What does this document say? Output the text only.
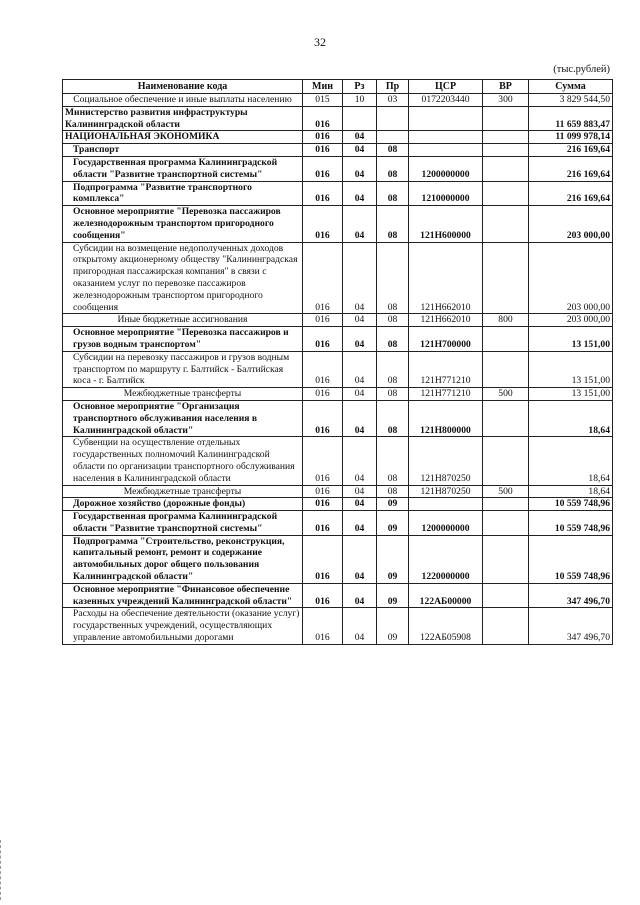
32
(тыс.рублей)
Наименование кода	Мин	Рз	Пр	ЦСР	ВР	Сумма
Социальное обеспечение и иные выплаты населению	015	10	03	0172203440	300	3 829 544,50
Министерство развития инфраструктуры Калининградской области	016					11 659 883,47
НАЦИОНАЛЬНАЯ ЭКОНОМИКА	016	04				11 099 978,14
Транспорт	016	04	08			216 169,64
Государственная программа Калининградской области "Развитие транспортной системы"	016	04	08	1200000000		216 169,64
Подпрограмма "Развитие транспортного комплекса"	016	04	08	1210000000		216 169,64
Основное мероприятие "Перевозка пассажиров железнодорожным транспортом пригородного сообщения"	016	04	08	121Н600000		203 000,00
Субсидии на возмещение недополученных доходов открытому акционерному обществу "Калининградская пригородная пассажирская компания" в связи с оказанием услуг по перевозке пассажиров железнодорожным транспортом пригородного сообщения	016	04	08	121Н662010		203 000,00
Иные бюджетные ассигнования	016	04	08	121Н662010	800	203 000,00
Основное мероприятие "Перевозка пассажиров и грузов водным транспортом"	016	04	08	121Н700000		13 151,00
Субсидии на перевозку пассажиров и грузов водным транспортом по маршруту г. Балтийск - Балтийская коса - г. Балтийск	016	04	08	121Н771210		13 151,00
Межбюджетные трансферты	016	04	08	121Н771210	500	13 151,00
Основное мероприятие "Организация транспортного обслуживания населения в Калининградской области"	016	04	08	121Н800000		18,64
Субвенции на осуществление отдельных государственных полномочий Калининградской области по организации транспортного обслуживания населения в Калининградской области	016	04	08	121Н870250		18,64
Межбюджетные трансферты	016	04	08	121Н870250	500	18,64
Дорожное хозяйство (дорожные фонды)	016	04	09			10 559 748,96
Государственная программа Калининградской области "Развитие транспортной системы"	016	04	09	1200000000		10 559 748,96
Подпрограмма "Строительство, реконструкция, капитальный ремонт, ремонт и содержание автомобильных дорог общего пользования Калининградской области"	016	04	09	1220000000		10 559 748,96
Основное мероприятие "Финансовое обеспечение казенных учреждений Калининградской области"	016	04	09	122АБ00000		347 496,70
Расходы на обеспечение деятельности (оказание услуг) государственных учреждений, осуществляющих управление автомобильными дорогами	016	04	09	122АБ05908		347 496,70
